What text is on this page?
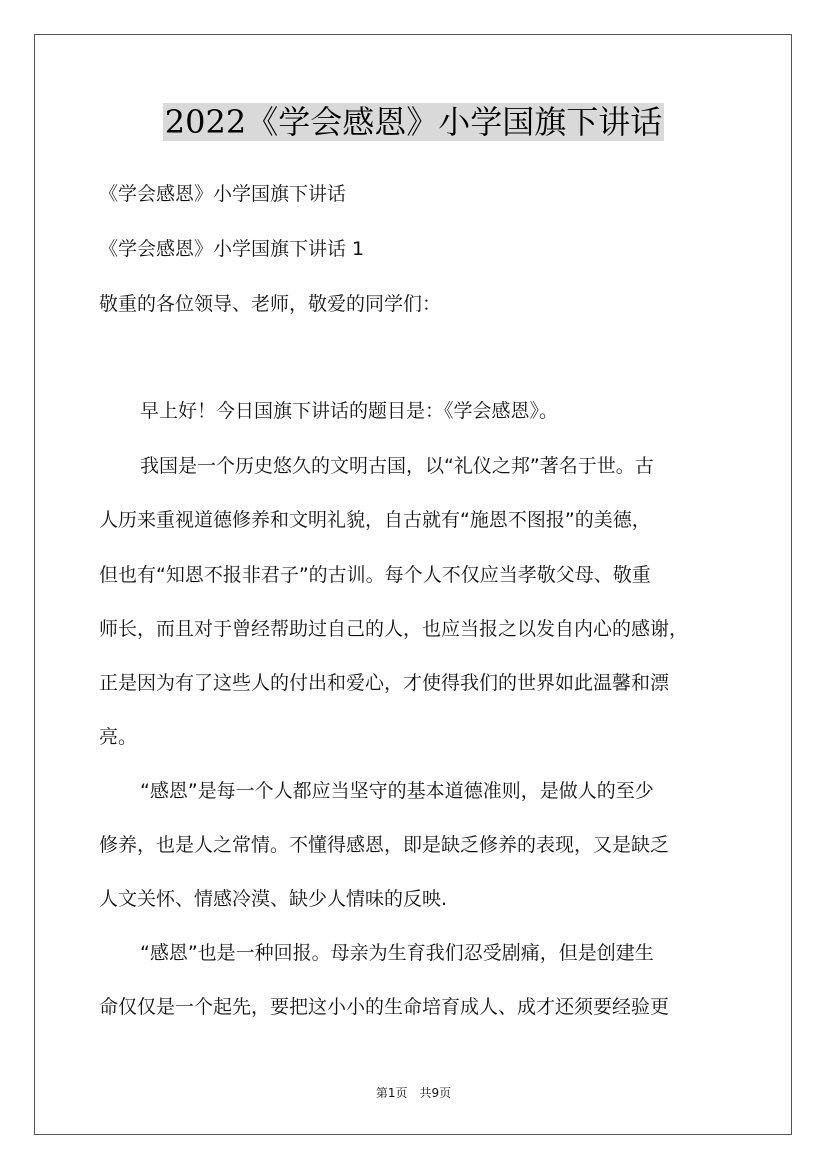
2022《学会感恩》小学国旗下讲话
《学会感恩》小学国旗下讲话
《学会感恩》小学国旗下讲话 1
敬重的各位领导、老师，敬爱的同学们：
早上好！今日国旗下讲话的题目是：《学会感恩》。
我国是一个历史悠久的文明古国，以“礼仪之邦”著名于世。古
人历来重视道德修养和文明礼貌，自古就有“施恩不图报”的美德，
但也有“知恩不报非君子”的古训。每个人不仅应当孝敬父母、敬重
师长，而且对于曾经帮助过自己的人，也应当报之以发自内心的感谢，
正是因为有了这些人的付出和爱心，才使得我们的世界如此温馨和漂
亮。
“感恩”是每一个人都应当坚守的基本道德准则，是做人的至少
修养，也是人之常情。不懂得感恩，即是缺乏修养的表现，又是缺乏
人文关怀、情感冷漠、缺少人情味的反映.
“感恩”也是一种回报。母亲为生育我们忍受剧痛，但是创建生
命仅仅是一个起先，要把这小小的生命培育成人、成才还须要经验更
第1页　共9页
